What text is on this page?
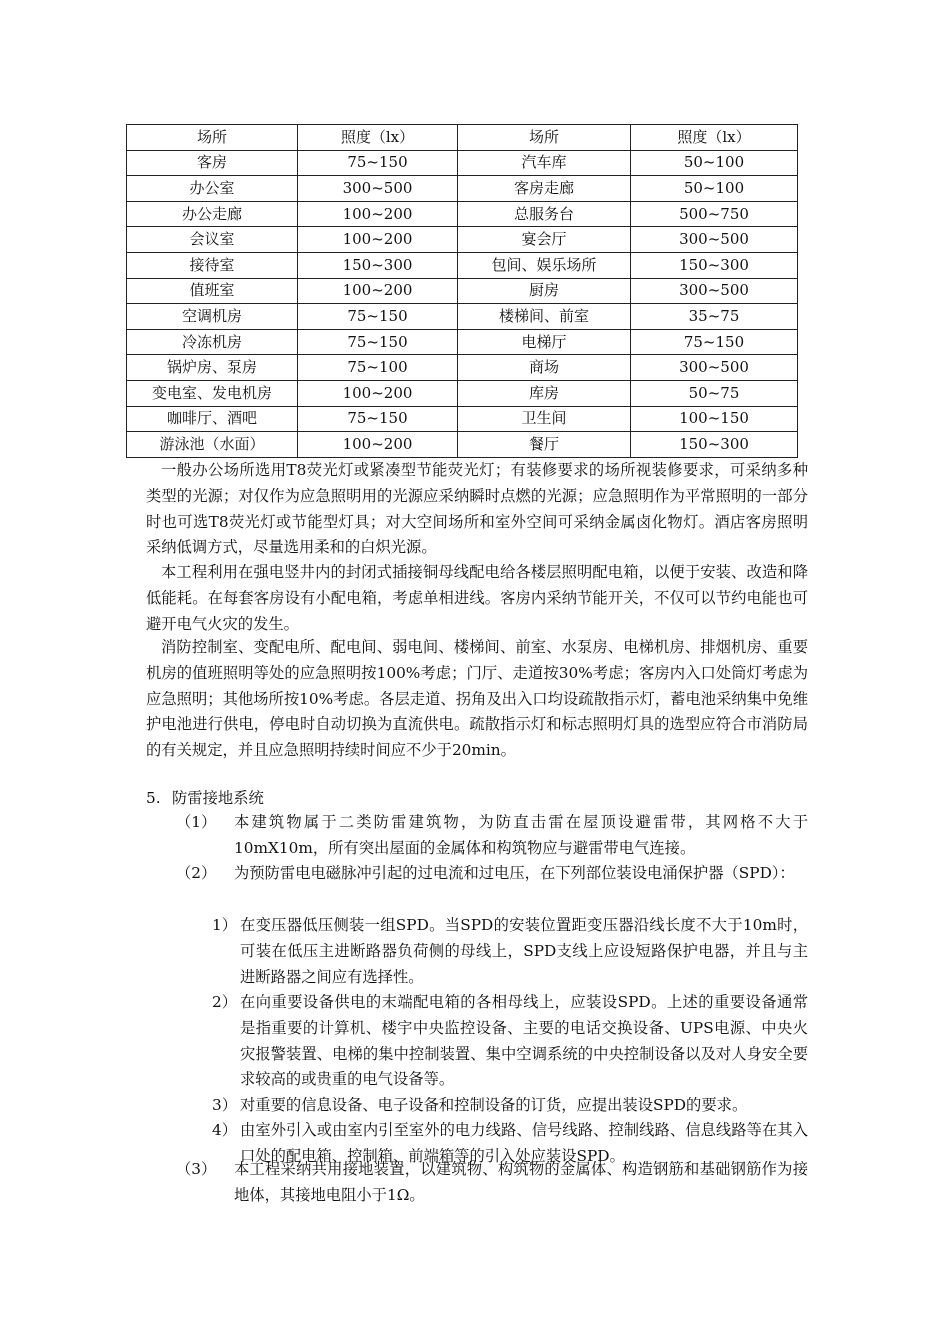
场所	照度（lx）	场所	照度（lx）
客房	75~150	汽车库	50~100
办公室	300~500	客房走廊	50~100
办公走廊	100~200	总服务台	500~750
会议室	100~200	宴会厅	300~500
接待室	150~300	包间、娱乐场所	150~300
值班室	100~200	厨房	300~500
空调机房	75~150	楼梯间、前室	35~75
冷冻机房	75~150	电梯厅	75~150
锅炉房、泵房	75~100	商场	300~500
变电室、发电机房	100~200	库房	50~75
咖啡厅、酒吧	75~150	卫生间	100~150
游泳池（水面）	100~200	餐厅	150~300

一般办公场所选用T8荧光灯或紧凑型节能荧光灯；有装修要求的场所视装修要求，可采纳多种类型的光源；对仅作为应急照明用的光源应采纳瞬时点燃的光源；应急照明作为平常照明的一部分时也可选T8荧光灯或节能型灯具；对大空间场所和室外空间可采纳金属卤化物灯。酒店客房照明采纳低调方式，尽量选用柔和的白炽光源。

本工程利用在强电竖井内的封闭式插接铜母线配电给各楼层照明配电箱，以便于安装、改造和降低能耗。在每套客房设有小配电箱，考虑单相进线。客房内采纳节能开关，不仅可以节约电能也可避开电气火灾的发生。

消防控制室、变配电所、配电间、弱电间、楼梯间、前室、水泵房、电梯机房、排烟机房、重要机房的值班照明等处的应急照明按100%考虑；门厅、走道按30%考虑；客房内入口处筒灯考虑为应急照明；其他场所按10%考虑。各层走道、拐角及出入口均设疏散指示灯，蓄电池采纳集中免维护电池进行供电，停电时自动切换为直流供电。疏散指示灯和标志照明灯具的选型应符合市消防局的有关规定，并且应急照明持续时间应不少于20min。

5. 防雷接地系统

（1）	本建筑物属于二类防雷建筑物，为防直击雷在屋顶设避雷带，其网格不大于10mX10m，所有突出屋面的金属体和构筑物应与避雷带电气连接。

（2）	为预防雷电电磁脉冲引起的过电流和过电压，在下列部位装设电涌保护器（SPD）：

1） 在变压器低压侧装一组SPD。当SPD的安装位置距变压器沿线长度不大于10m时，可装在低压主进断路器负荷侧的母线上，SPD支线上应设短路保护电器，并且与主进断路器之间应有选择性。

2） 在向重要设备供电的末端配电箱的各相母线上，应装设SPD。上述的重要设备通常是指重要的计算机、楼宇中央监控设备、主要的电话交换设备、UPS电源、中央火灾报警装置、电梯的集中控制装置、集中空调系统的中央控制设备以及对人身安全要求较高的或贵重的电气设备等。

3） 对重要的信息设备、电子设备和控制设备的订货，应提出装设SPD的要求。

4） 由室外引入或由室内引至室外的电力线路、信号线路、控制线路、信息线路等在其入口处的配电箱、控制箱、前端箱等的引入处应装设SPD。

（3）	本工程采纳共用接地装置，以建筑物、构筑物的金属体、构造钢筋和基础钢筋作为接地体，其接地电阻小于1Ω。
